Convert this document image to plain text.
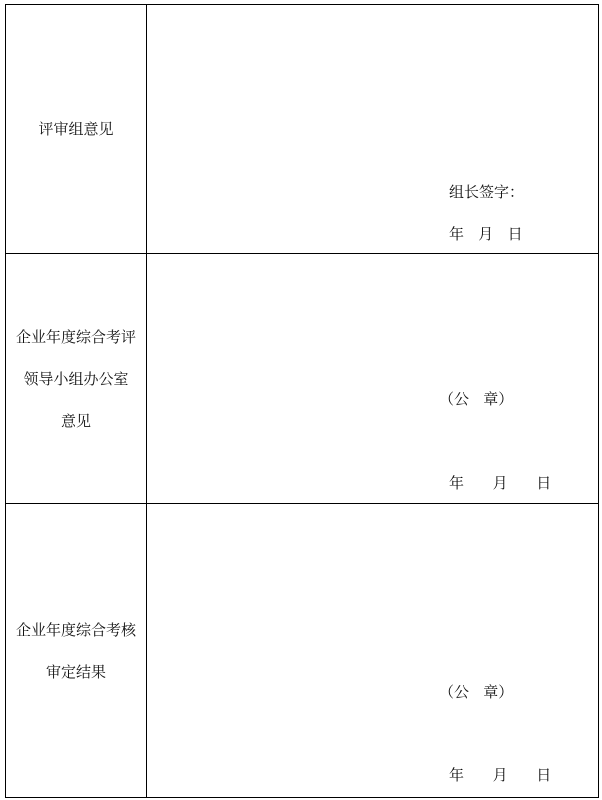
评审组意见	组长签字：
年   月   日

企业年度综合考评
领导小组办公室
意见	（公   章）
年      月      日

企业年度综合考核
审定结果	（公   章）
年      月      日
